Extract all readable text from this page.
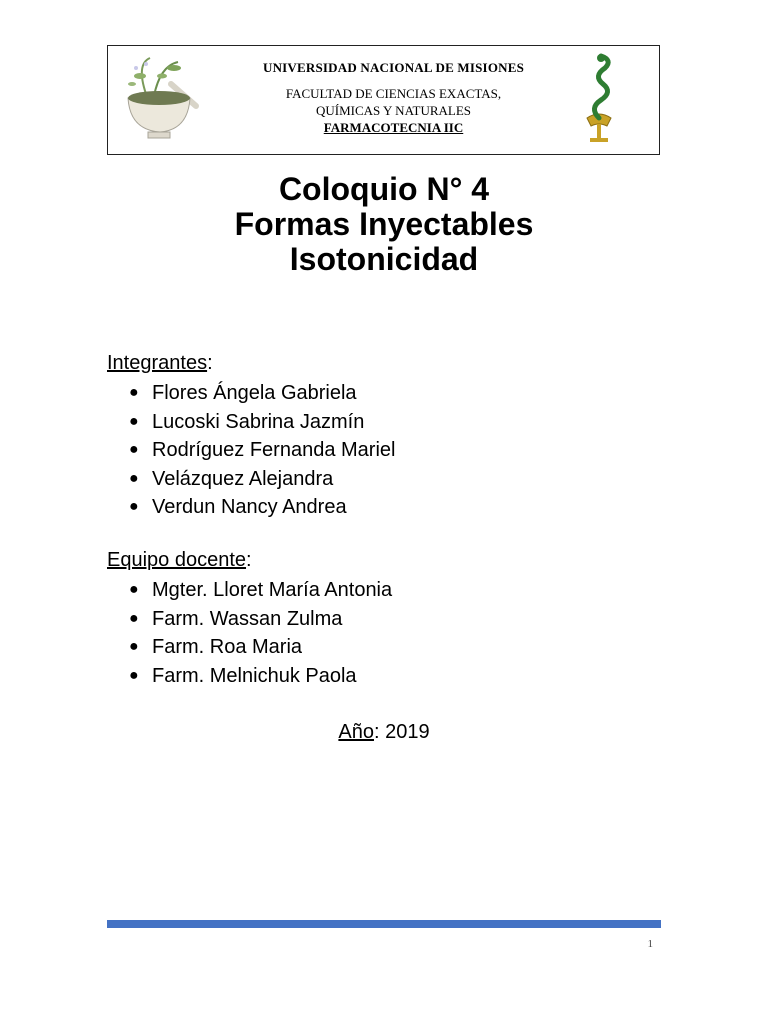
UNIVERSIDAD NACIONAL DE MISIONES
FACULTAD DE CIENCIAS EXACTAS,
QUÍMICAS Y NATURALES
FARMACOTECNIA IIC
Coloquio N° 4
Formas Inyectables
Isotonicidad
Integrantes:
● Flores Ángela Gabriela
● Lucoski Sabrina Jazmín
● Rodríguez Fernanda Mariel
● Velázquez Alejandra
● Verdun Nancy Andrea
Equipo docente:
● Mgter. Lloret María Antonia
● Farm. Wassan Zulma
● Farm. Roa Maria
● Farm. Melnichuk Paola
Año: 2019
1
